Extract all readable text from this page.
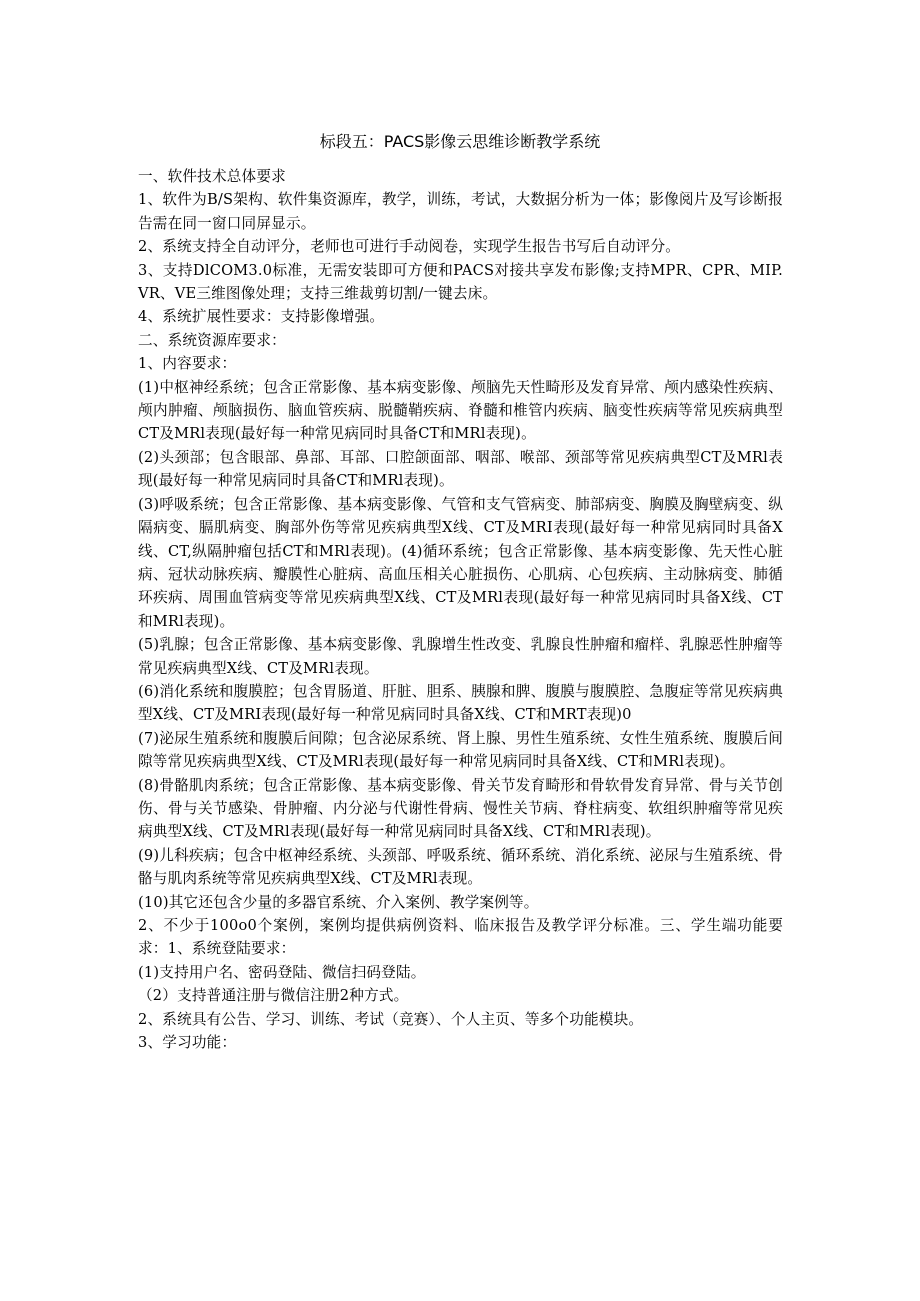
标段五：PACS影像云思维诊断教学系统

一、软件技术总体要求

1、软件为B/S架构、软件集资源库，教学，训练，考试，大数据分析为一体；影像阅片及写诊断报告需在同一窗口同屏显示。

2、系统支持全自动评分，老师也可进行手动阅卷，实现学生报告书写后自动评分。

3、支持DlCOM3.0标准，无需安装即可方便和PACS对接共享发布影像;支持MPR、CPR、MIP.VR、VE三维图像处理；支持三维裁剪切割/一键去床。

4、系统扩展性要求：支持影像增强。

二、系统资源库要求：

1、内容要求：

(1)中枢神经系统；包含正常影像、基本病变影像、颅脑先天性畸形及发育异常、颅内感染性疾病、颅内肿瘤、颅脑损伤、脑血管疾病、脱髓鞘疾病、脊髓和椎管内疾病、脑变性疾病等常见疾病典型CT及MRl表现(最好每一种常见病同时具备CT和MRl表现)。

(2)头颈部；包含眼部、鼻部、耳部、口腔颌面部、咽部、喉部、颈部等常见疾病典型CT及MRl表现(最好每一种常见病同时具备CT和MRl表现)。

(3)呼吸系统；包含正常影像、基本病变影像、气管和支气管病变、肺部病变、胸膜及胸壁病变、纵隔病变、膈肌病变、胸部外伤等常见疾病典型X线、CT及MRI表现(最好每一种常见病同时具备X线、CT,纵隔肿瘤包括CT和MRl表现)。(4)循环系统；包含正常影像、基本病变影像、先天性心脏病、冠状动脉疾病、瓣膜性心脏病、高血压相关心脏损伤、心肌病、心包疾病、主动脉病变、肺循环疾病、周围血管病变等常见疾病典型X线、CT及MRl表现(最好每一种常见病同时具备X线、CT和MRl表现)。

(5)乳腺；包含正常影像、基本病变影像、乳腺增生性改变、乳腺良性肿瘤和瘤样、乳腺恶性肿瘤等常见疾病典型X线、CT及MRl表现。

(6)消化系统和腹膜腔；包含胃肠道、肝脏、胆系、胰腺和脾、腹膜与腹膜腔、急腹症等常见疾病典型X线、CT及MRI表现(最好每一种常见病同时具备X线、CT和MRT表现)0

(7)泌尿生殖系统和腹膜后间隙；包含泌尿系统、肾上腺、男性生殖系统、女性生殖系统、腹膜后间隙等常见疾病典型X线、CT及MRl表现(最好每一种常见病同时具备X线、CT和MRl表现)。

(8)骨骼肌肉系统；包含正常影像、基本病变影像、骨关节发育畸形和骨软骨发育异常、骨与关节创伤、骨与关节感染、骨肿瘤、内分泌与代谢性骨病、慢性关节病、脊柱病变、软组织肿瘤等常见疾病典型X线、CT及MRl表现(最好每一种常见病同时具备X线、CT和MRl表现)。

(9)儿科疾病；包含中枢神经系统、头颈部、呼吸系统、循环系统、消化系统、泌尿与生殖系统、骨骼与肌肉系统等常见疾病典型X线、CT及MRl表现。

(10)其它还包含少量的多器官系统、介入案例、教学案例等。

2、不少于100o0个案例，案例均提供病例资料、临床报告及教学评分标准。三、学生端功能要求：1、系统登陆要求：

(1)支持用户名、密码登陆、微信扫码登陆。

（2）支持普通注册与微信注册2种方式。

2、系统具有公告、学习、训练、考试（竞赛）、个人主页、等多个功能模块。

3、学习功能：
